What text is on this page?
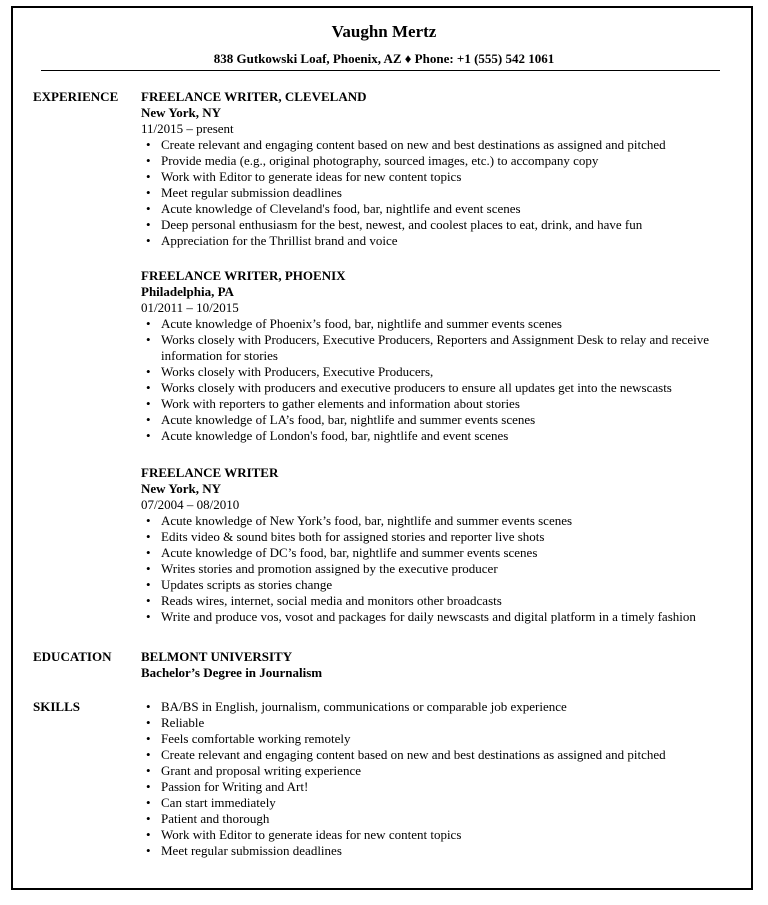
Vaughn Mertz
838 Gutkowski Loaf, Phoenix, AZ ♦ Phone: +1 (555) 542 1061
EXPERIENCE FREELANCE WRITER, CLEVELAND
New York, NY
11/2015 – present
• Create relevant and engaging content based on new and best destinations as assigned and pitched
• Provide media (e.g., original photography, sourced images, etc.) to accompany copy
• Work with Editor to generate ideas for new content topics
• Meet regular submission deadlines
• Acute knowledge of Cleveland's food, bar, nightlife and event scenes
• Deep personal enthusiasm for the best, newest, and coolest places to eat, drink, and have fun
• Appreciation for the Thrillist brand and voice
FREELANCE WRITER, PHOENIX
Philadelphia, PA
01/2011 – 10/2015
• Acute knowledge of Phoenix’s food, bar, nightlife and summer events scenes
• Works closely with Producers, Executive Producers, Reporters and Assignment Desk to relay and receive information for stories
• Works closely with Producers, Executive Producers,
• Works closely with producers and executive producers to ensure all updates get into the newscasts
• Work with reporters to gather elements and information about stories
• Acute knowledge of LA’s food, bar, nightlife and summer events scenes
• Acute knowledge of London's food, bar, nightlife and event scenes
FREELANCE WRITER
New York, NY
07/2004 – 08/2010
• Acute knowledge of New York’s food, bar, nightlife and summer events scenes
• Edits video & sound bites both for assigned stories and reporter live shots
• Acute knowledge of DC’s food, bar, nightlife and summer events scenes
• Writes stories and promotion assigned by the executive producer
• Updates scripts as stories change
• Reads wires, internet, social media and monitors other broadcasts
• Write and produce vos, vosot and packages for daily newscasts and digital platform in a timely fashion
EDUCATION BELMONT UNIVERSITY
Bachelor’s Degree in Journalism
SKILLS
•	BA/BS in English, journalism, communications or comparable job experience
• Reliable
• Feels comfortable working remotely
• Create relevant and engaging content based on new and best destinations as assigned and pitched
• Grant and proposal writing experience
• Passion for Writing and Art!
• Can start immediately
• Patient and thorough
• Work with Editor to generate ideas for new content topics
• Meet regular submission deadlines
